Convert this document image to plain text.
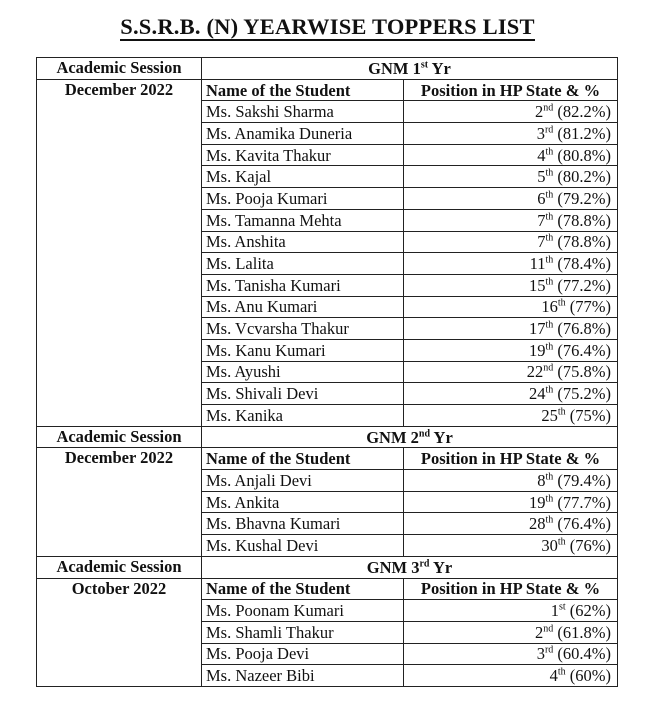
S.S.R.B. (N) YEARWISE TOPPERS LIST
Academic Session	GNM 1st Yr	
December 2022	Name of the Student	Position in HP State & %
	Ms. Sakshi Sharma	2nd (82.2%)
	Ms. Anamika Duneria	3rd (81.2%)
	Ms. Kavita Thakur	4th (80.8%)
	Ms. Kajal	5th (80.2%)
	Ms. Pooja Kumari	6th (79.2%)
	Ms. Tamanna Mehta	7th (78.8%)
	Ms. Anshita	7th (78.8%)
	Ms. Lalita	11th (78.4%)
	Ms. Tanisha Kumari	15th (77.2%)
	Ms. Anu Kumari	16th (77%)
	Ms. Vcvarsha Thakur	17th (76.8%)
	Ms. Kanu Kumari	19th (76.4%)
	Ms. Ayushi	22nd (75.8%)
	Ms. Shivali Devi	24th (75.2%)
	Ms. Kanika	25th (75%)
Academic Session	GNM 2nd Yr	
December 2022	Name of the Student	Position in HP State & %
	Ms. Anjali Devi	8th (79.4%)
	Ms. Ankita	19th (77.7%)
	Ms. Bhavna Kumari	28th (76.4%)
	Ms. Kushal Devi	30th (76%)
Academic Session	GNM 3rd Yr	
October 2022	Name of the Student	Position in HP State & %
	Ms. Poonam Kumari	1st (62%)
	Ms. Shamli Thakur	2nd (61.8%)
	Ms. Pooja Devi	3rd (60.4%)
	Ms. Nazeer Bibi	4th (60%)
